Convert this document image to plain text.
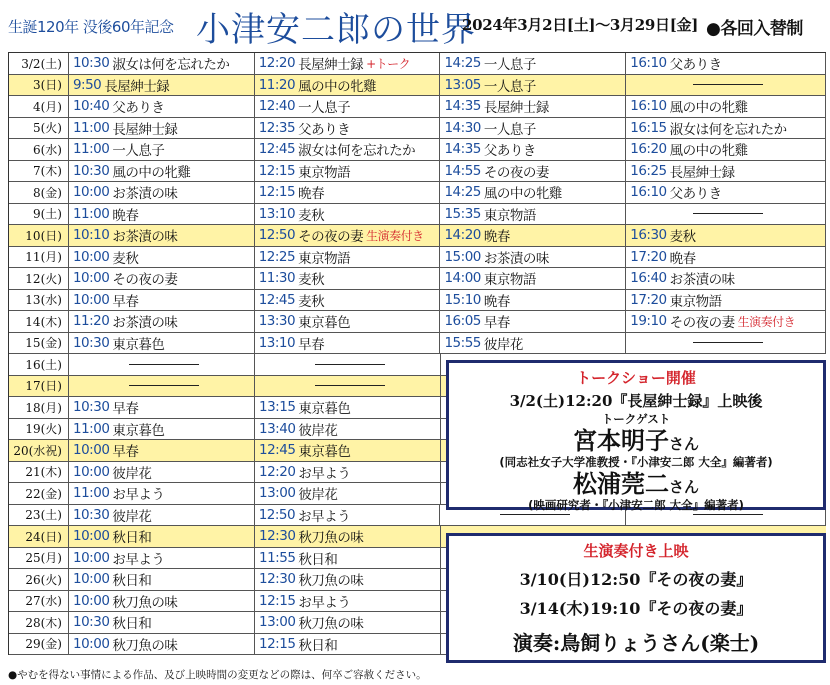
生誕120年 没後60年記念 小津安二郎の世界
2024年3月2日[土]〜3月29日[金] ●各回入替制
3/2(土) 10:30 淑女は何を忘れたか 12:20 長屋紳士録 +トーク	14:25 一人息子	16:10 父ありき
3(日) 9:50 長屋紳士録	11:20 風の中の牝雞	13:05 一人息子
4(月) 10:40 父ありき	12:40 一人息子	14:35 長屋紳士録	16:10 風の中の牝雞
5(火) 11:00 長屋紳士録	12:35 父ありき	14:30 一人息子	16:15 淑女は何を忘れたか
6(水) 11:00 一人息子	12:45 淑女は何を忘れたか 14:35 父ありき	16:20 風の中の牝雞
7(木) 10:30 風の中の牝雞	12:15 東京物語	14:55 その夜の妻	16:25 長屋紳士録
8(金) 10:00 お茶漬の味	12:15 晩春	14:25 風の中の牝雞	16:10 父ありき
9(土) 11:00 晩春	13:10 麦秋	15:35 東京物語
10(日) 10:10 お茶漬の味	12:50 その夜の妻 生演奏付き 14:20 晩春	16:30 麦秋
11(月) 10:00 麦秋	12:25 東京物語	15:00 お茶漬の味	17:20 晩春
12(火) 10:00 その夜の妻	11:30 麦秋	14:00 東京物語	16:40 お茶漬の味
13(水) 10:00 早春	12:45 麦秋	15:10 晩春	17:20 東京物語
14(木) 11:20 お茶漬の味	13:30 東京暮色	16:05 早春	19:10 その夜の妻 生演奏付き
15(金) 10:30 東京暮色	13:10 早春	15:55 彼岸花
16(土)
17(日)
18(月) 10:30 早春	13:15 東京暮色
19(火) 11:00 東京暮色	13:40 彼岸花
20(水祝) 10:00 早春	12:45 東京暮色
21(木) 10:00 彼岸花	12:20 お早よう
22(金) 11:00 お早よう	13:00 彼岸花
23(土) 10:30 彼岸花	12:50 お早よう
24(日) 10:00 秋日和	12:30 秋刀魚の味
25(月) 10:00 お早よう	11:55 秋日和
26(火) 10:00 秋日和	12:30 秋刀魚の味
27(水) 10:00 秋刀魚の味	12:15 お早よう
28(木) 10:30 秋日和	13:00 秋刀魚の味
29(金) 10:00 秋刀魚の味	12:15 秋日和
トークショー開催
3/2(土)12:20『長屋紳士録』上映後
トークゲスト
宮本明子さん
(同志社女子大学准教授・『小津安二郎 大全』編著者)
松浦莞二さん
(映画研究者・『小津安二郎 大全』編著者)
生演奏付き上映
3/10(日)12:50『その夜の妻』
3/14(木)19:10『その夜の妻』
演奏:鳥飼りょうさん(楽士)
●やむを得ない事情による作品、及び上映時間の変更などの際は、何卒ご容赦ください。
